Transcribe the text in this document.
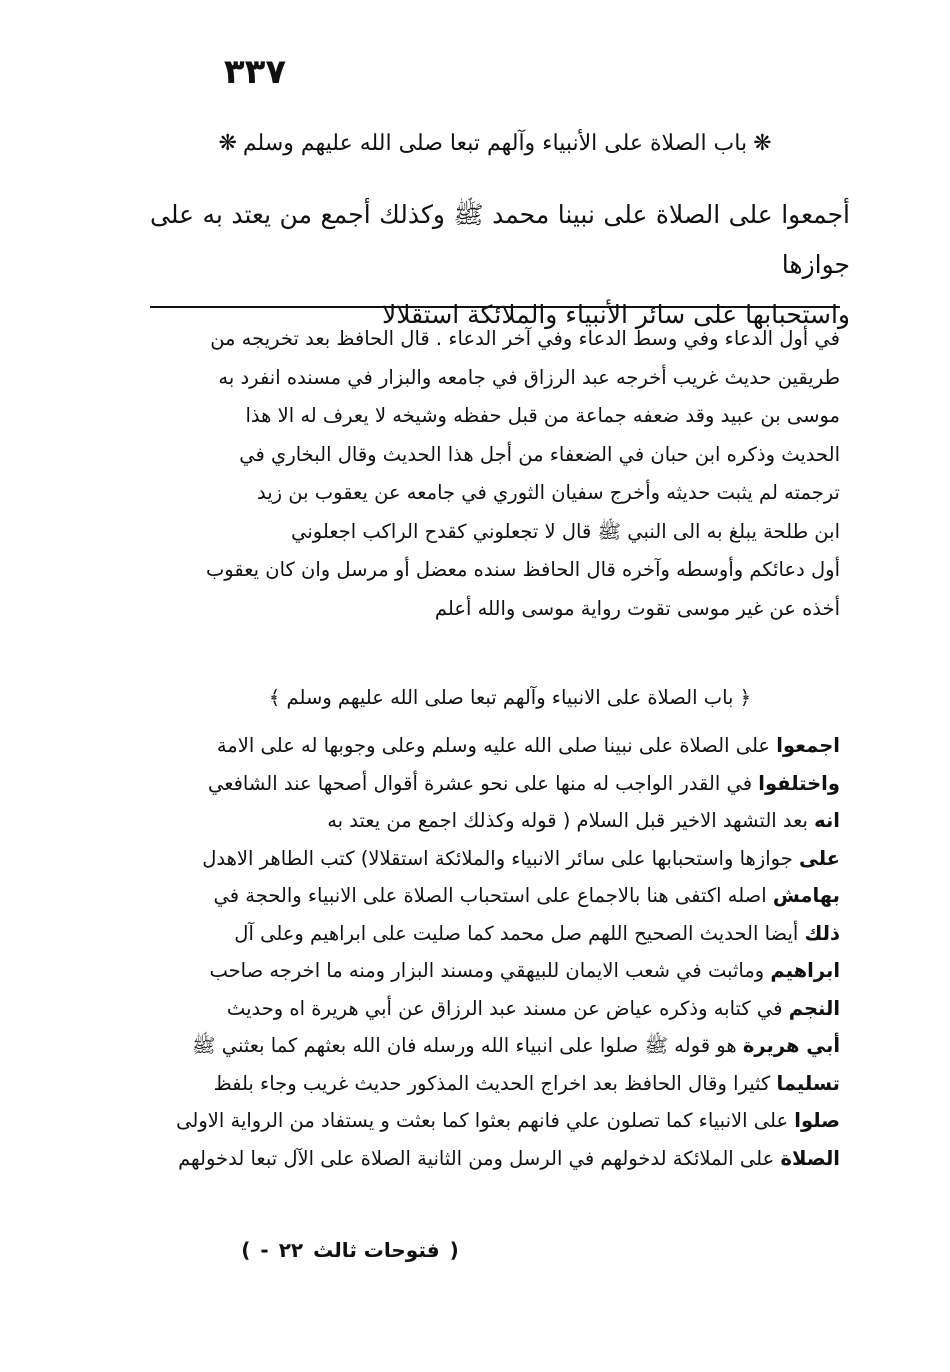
٣٣٧
❋باب الصلاة على الأنبياء وآلهم تبعا صلى الله عليهم وسلم❋

أجمعوا على الصلاة على نبينا محمد ﷺ وكذلك أجمع من يعتد به على جوازها

واستحبابها على سائر الأنبياء والملائكة استقلالا

في أول الدعاء وفي وسط الدعاء وفي آخر الدعاء . قال الحافظ بعد تخريجه من

طريقين حديث غريب أخرجه عبد الرزاق في جامعه والبزار في مسنده انفرد به

موسى بن عبيد وقد ضعفه جماعة من قبل حفظه وشيخه لا يعرف له الا هذا

الحديث وذكره ابن حبان في الضعفاء من أجل هذا الحديث وقال البخاري في

ترجمته لم يثبت حديثه وأخرج سفيان الثوري في جامعه عن يعقوب بن زيد

ابن طلحة يبلغ به الى النبي ﷺ قال لا تجعلوني كقدح الراكب اجعلوني

أول دعائكم وأوسطه وآخره قال الحافظ سنده معضل أو مرسل وان كان يعقوب

أخذه عن غير موسى تقوت رواية موسى والله أعلم

﴿ باب الصلاة على الانبياء وآلهم تبعا صلى الله عليهم وسلم ﴾

اجمعوا على الصلاة على نبينا صلى الله عليه وسلم وعلى وجوبها له على الامة

واختلفوا في القدر الواجب له منها على نحو عشرة أقوال أصحها عند الشافعي

انه بعد التشهد الاخير قبل السلام ( قوله وكذلك اجمع من يعتد به

على جوازها واستحبابها على سائر الانبياء والملائكة استقلالا) كتب الطاهر الاهدل

بهامش اصله اكتفى هنا بالاجماع على استحباب الصلاة على الانبياء والحجة في

ذلك أيضا الحديث الصحيح اللهم صل محمد كما صليت على ابراهيم وعلى آل

ابراهيم وماثبت في شعب الايمان للبيهقي ومسند البزار ومنه ما اخرجه صاحب

النجم في كتابه وذكره عياض عن مسند عبد الرزاق عن أبي هريرة اه وحديث

أبي هريرة هو قوله ﷺ صلوا على انبياء الله ورسله فان الله بعثهم كما بعثني ﷺ

تسليما كثيرا وقال الحافظ بعد اخراج الحديث المذكور حديث غريب وجاء بلفظ

صلوا على الانبياء كما تصلون علي فانهم بعثوا كما بعثت و يستفاد من الرواية الاولى

الصلاة على الملائكة لدخولهم في الرسل ومن الثانية الصلاة على الآل تبعا لدخولهم

(فتوحات ثالث٢٢-)
